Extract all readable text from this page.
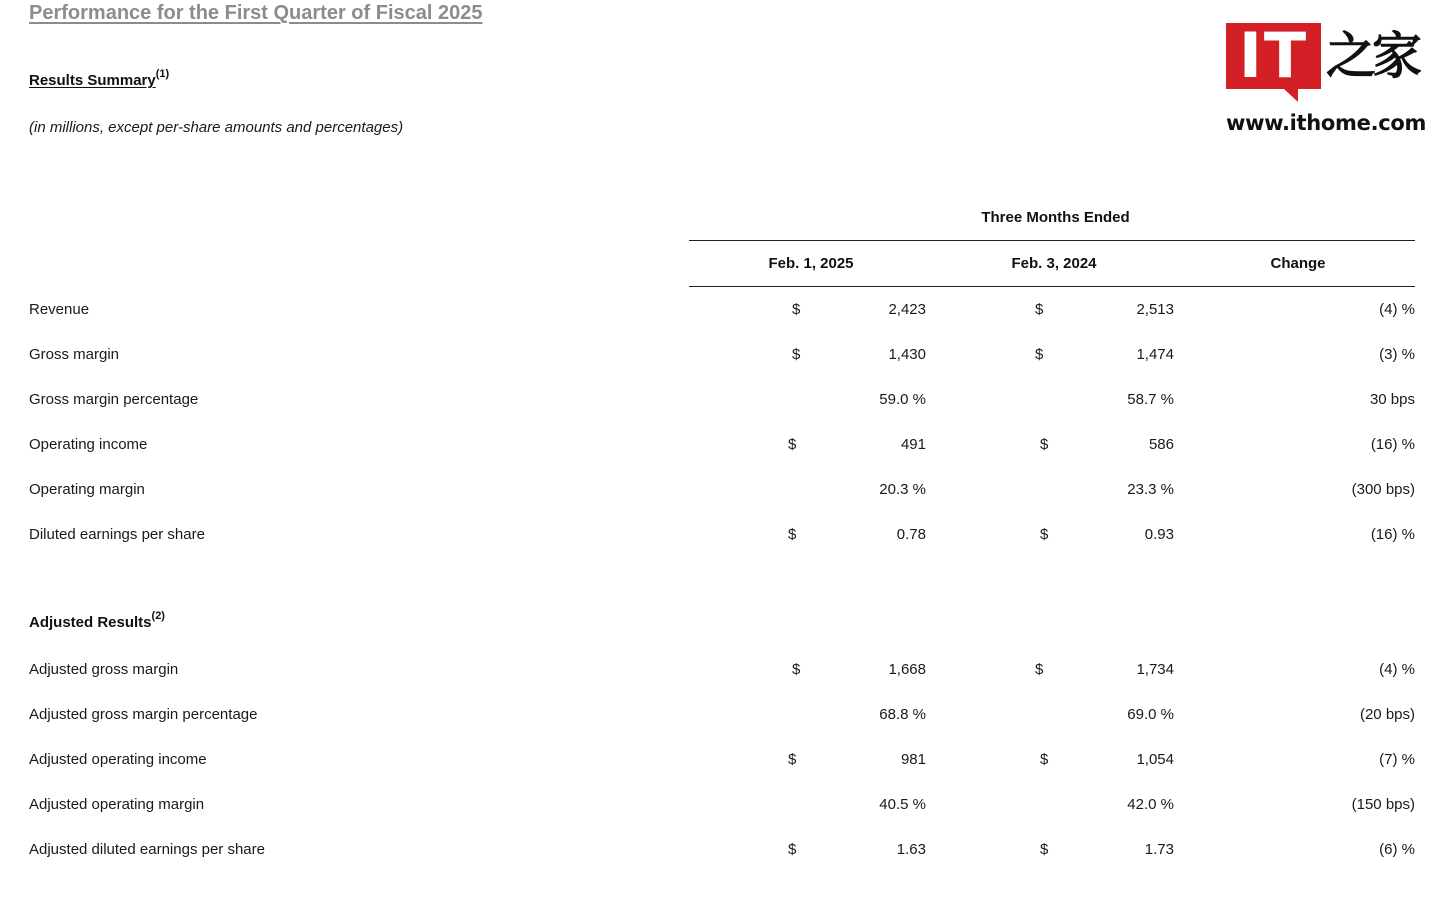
Performance for the First Quarter of Fiscal 2025
Results Summary$^{(1)}$
(in millions, except per-share amounts and percentages)
IT 之家
www.ithome.com
Three Months Ended
Feb. 1, 2025	Feb. 3, 2024	Change
Revenue	$	2,423	$	2,513	(4) %
Gross margin	$	1,430	$	1,474	(3) %
Gross margin percentage	59.0 %	58.7 %	30 bps
Operating income	$	491	$	586	(16) %
Operating margin	20.3 %	23.3 %	(300 bps)
Diluted earnings per share	$	0.78	$	0.93	(16) %
Adjusted Results$^{(2)}$
Adjusted gross margin	$	1,668	$	1,734	(4) %
Adjusted gross margin percentage	68.8 %	69.0 %	(20 bps)
Adjusted operating income	$	981	$	1,054	(7) %
Adjusted operating margin	40.5 %	42.0 %	(150 bps)
Adjusted diluted earnings per share	$	1.63	$	1.73	(6) %
